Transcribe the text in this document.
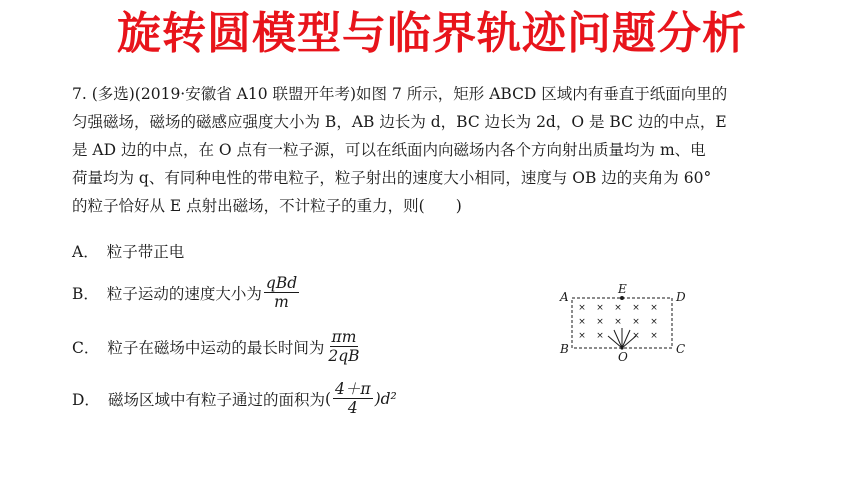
旋转圆模型与临界轨迹问题分析

7. (多选)(2019·安徽省 A10 联盟开年考)如图 7 所示，矩形 ABCD 区域内有垂直于纸面向里的

匀强磁场，磁场的磁感应强度大小为 B，AB 边长为 d，BC 边长为 2d，O 是 BC 边的中点，E

是 AD 边的中点，在 O 点有一粒子源，可以在纸面内向磁场内各个方向射出质量均为 m、电

荷量均为 q、有同种电性的带电粒子，粒子射出的速度大小相同，速度与 OB 边的夹角为 60°

的粒子恰好从 E 点射出磁场，不计粒子的重力，则(　　)

A． 粒子带正电
B． 粒子运动的速度大小为 $\frac{\text{qBd}}{m}$
C． 粒子在磁场中运动的最长时间为 $\frac{\pi m}{2qB}$
D． 磁场区域中有粒子通过的面积为 ( $\frac{4+\pi}{4} )d^2$
× × × × ×
× × × × ×
× ×	× ×
A
E
D
B
O
C
